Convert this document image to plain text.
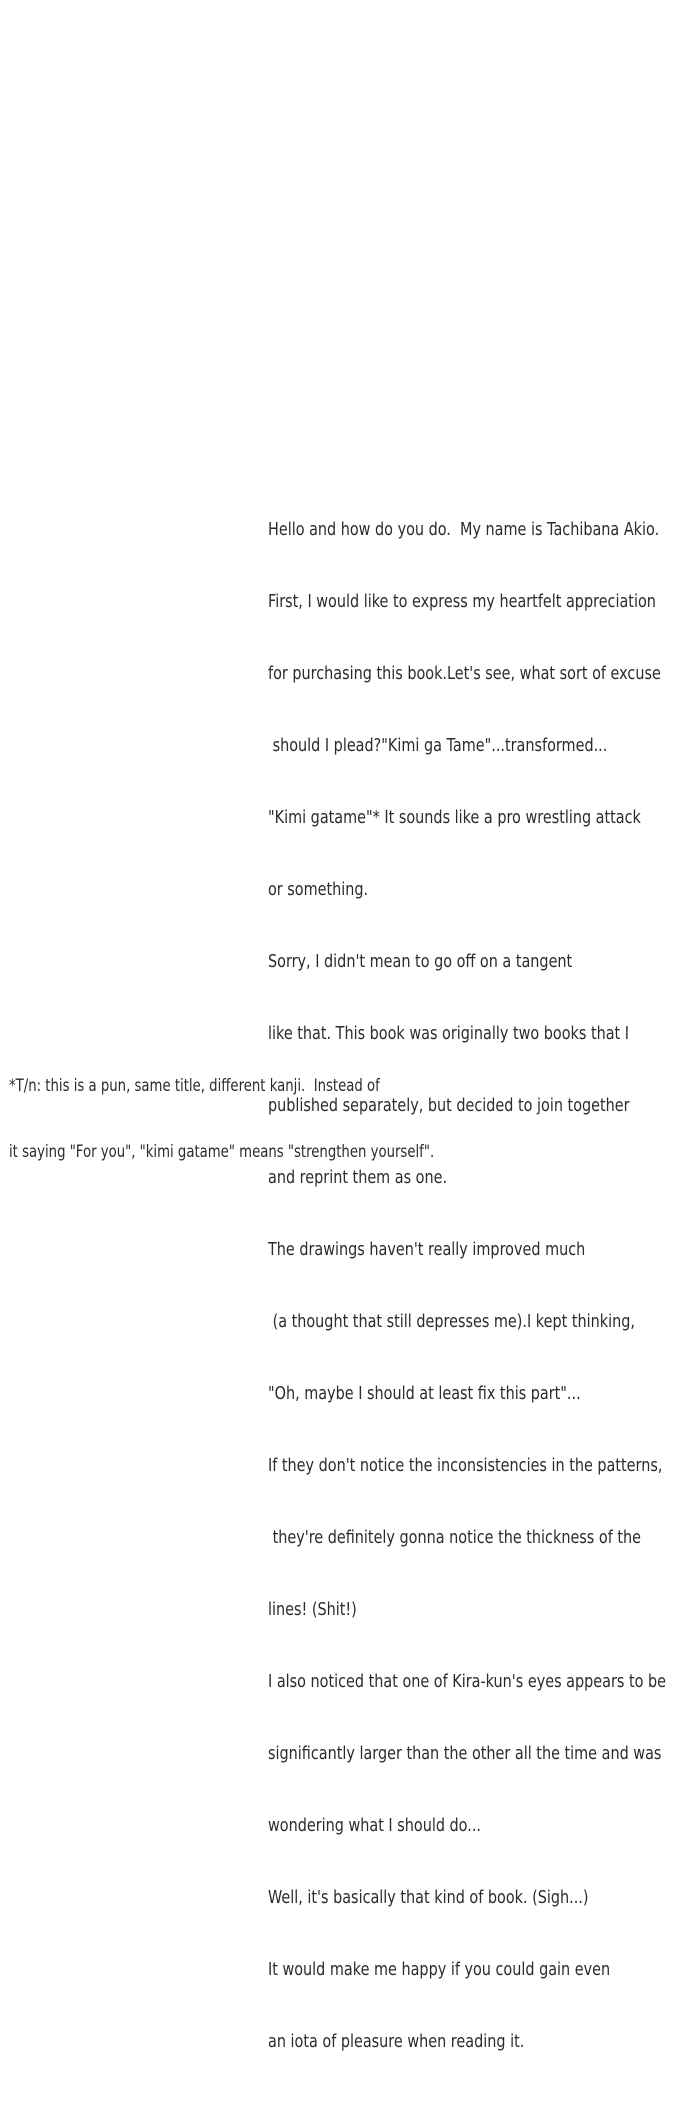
Hello and how do you do.  My name is Tachibana Akio.

First, I would like to express my heartfelt appreciation

for purchasing this book.Let's see, what sort of excuse

should I plead?"Kimi ga Tame"...transformed...

"Kimi gatame"* It sounds like a pro wrestling attack

or something.

Sorry, I didn't mean to go off on a tangent

like that. This book was originally two books that I

published separately, but decided to join together

and reprint them as one.

The drawings haven't really improved much

(a thought that still depresses me).I kept thinking,

"Oh, maybe I should at least fix this part"...

If they don't notice the inconsistencies in the patterns,

they're definitely gonna notice the thickness of the

lines! (Shit!)

I also noticed that one of Kira-kun's eyes appears to be

significantly larger than the other all the time and was

wondering what I should do...

Well, it's basically that kind of book. (Sigh...)

It would make me happy if you could gain even

an iota of pleasure when reading it.

*T/n: this is a pun, same title, different kanji.  Instead of

it saying "For you", "kimi gatame" means "strengthen yourself".
